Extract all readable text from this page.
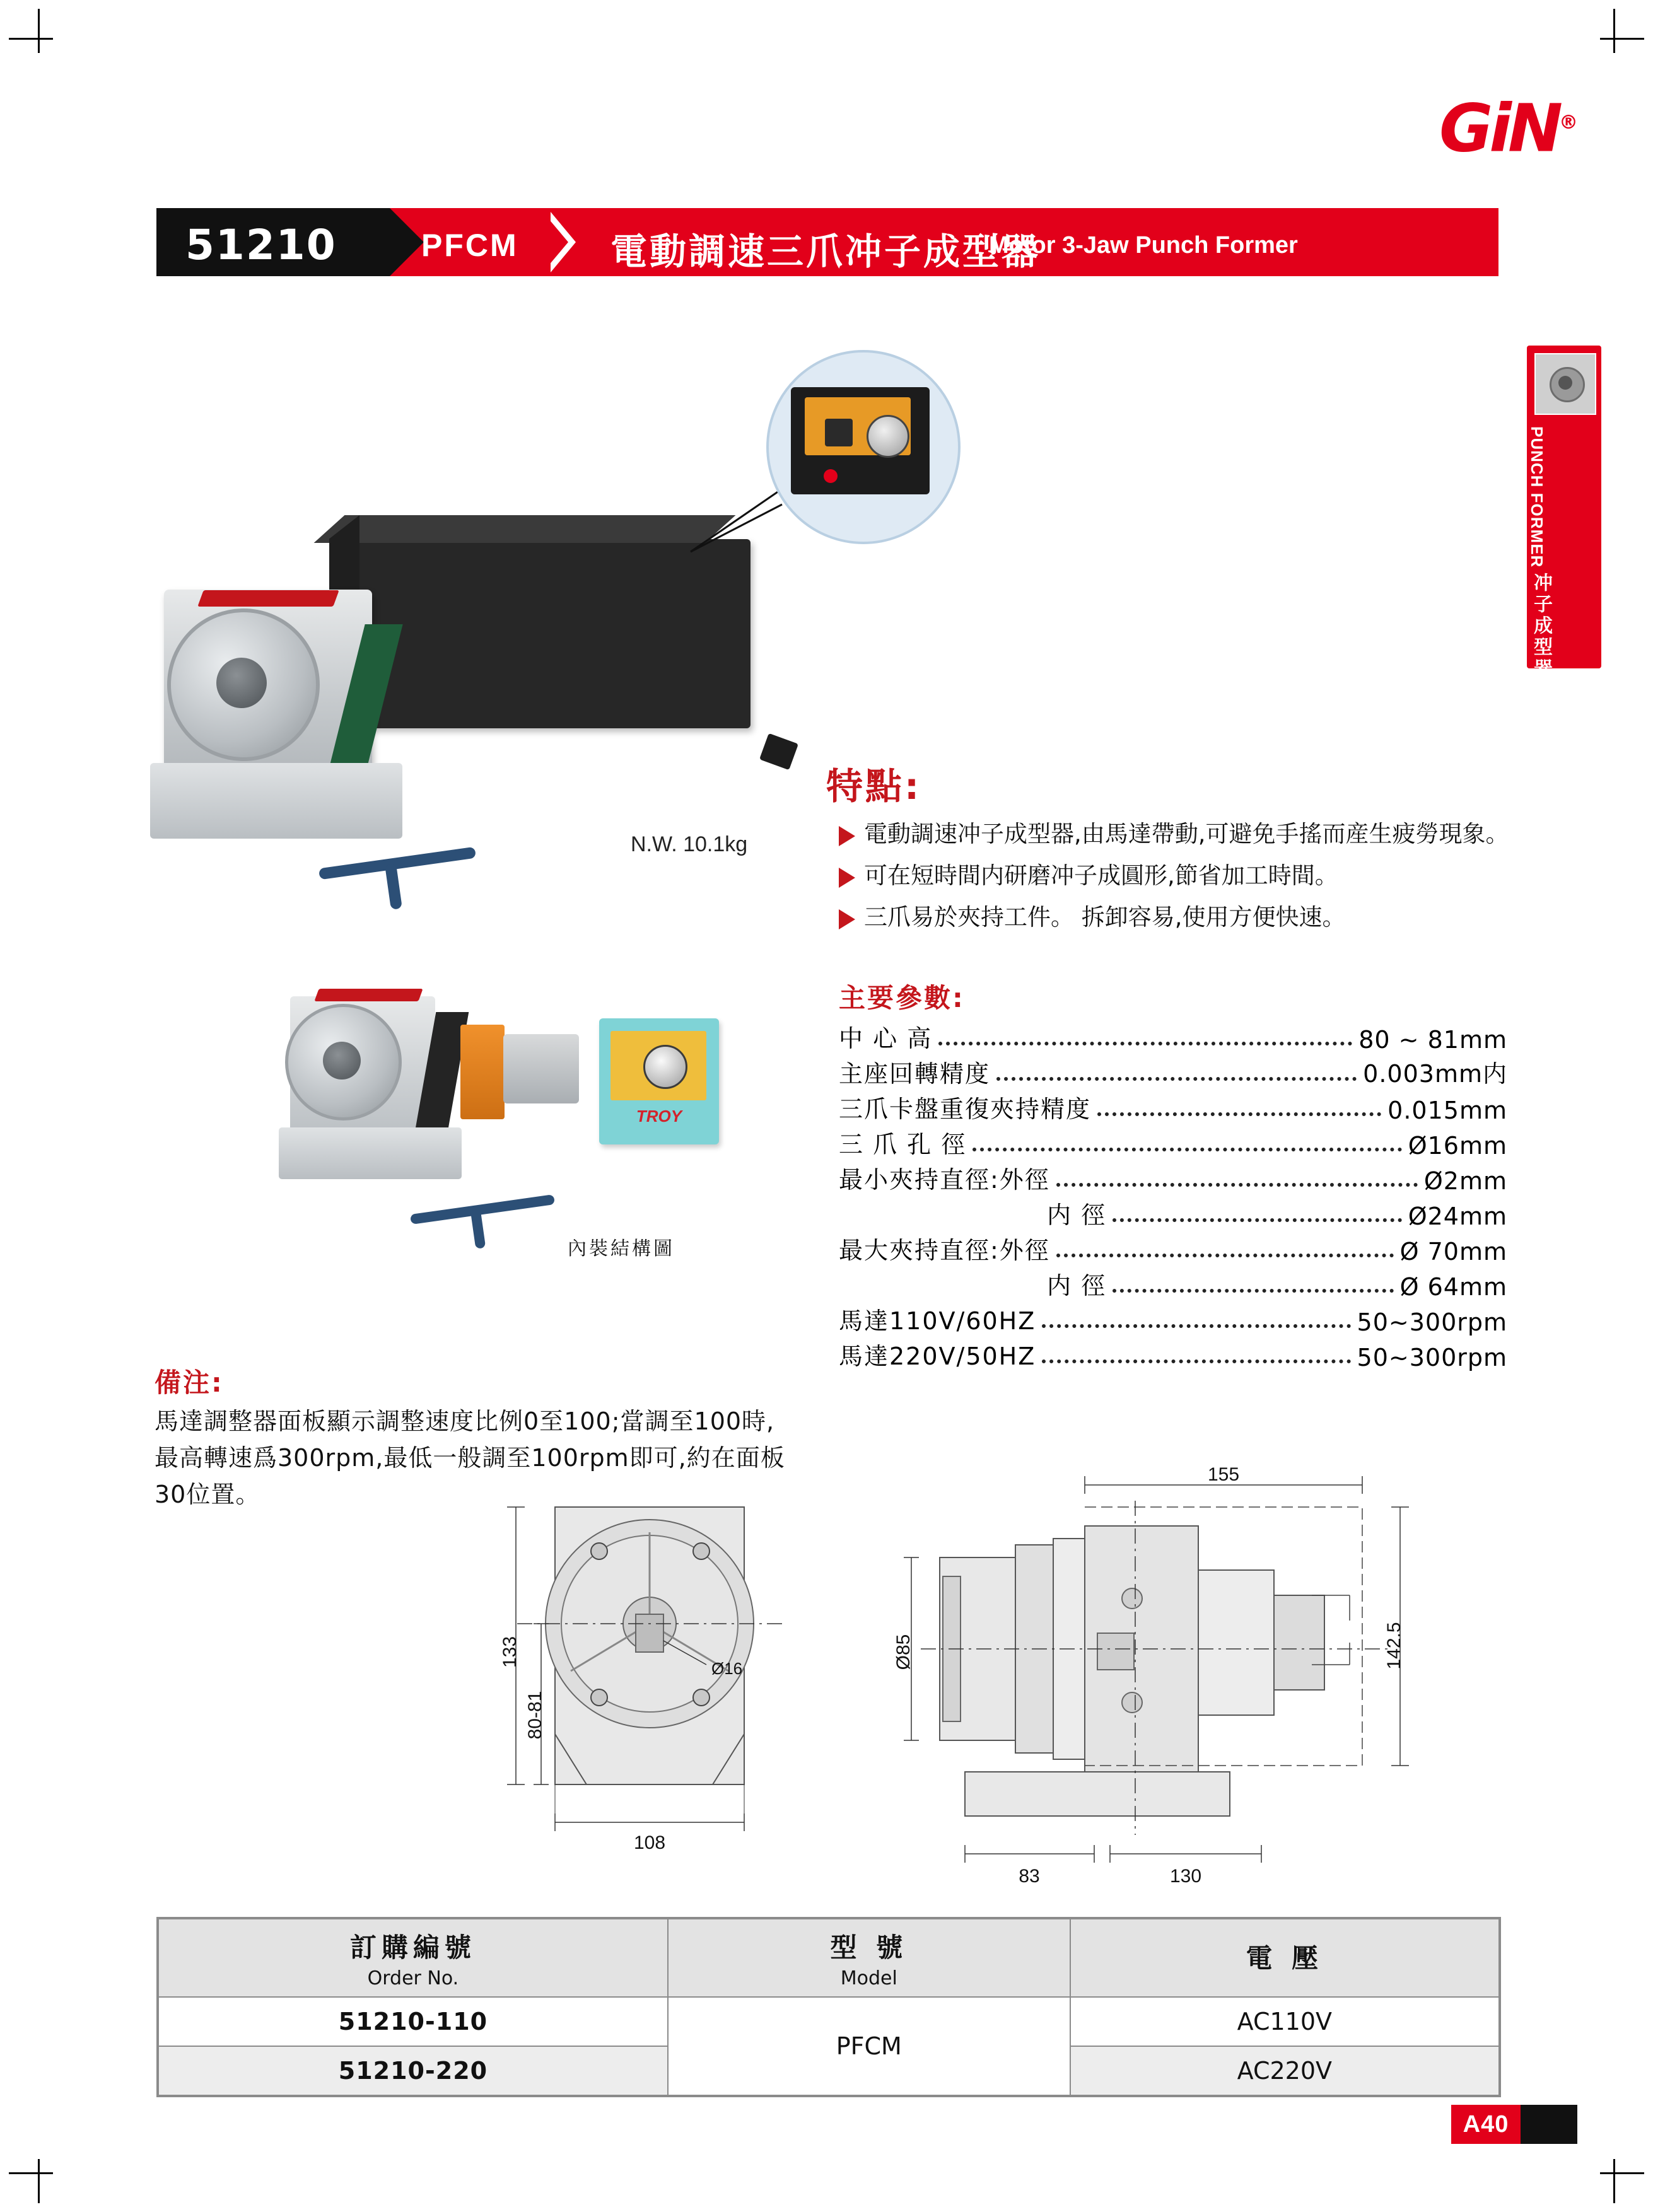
GiN®
51210	PFCM	電動調速三爪冲子成型器
Motor 3-Jaw Punch Former
PUNCH FORMER
冲子成型器
N.W. 10.1kg
TROY
內裝結構圖
特點:
電動調速冲子成型器,由馬達帶動,可避免手搖而産生疲勞現象。
可在短時間内研磨冲子成圓形,節省加工時間。
三爪易於夾持工件。 拆卸容易,使用方便快速。
主要參數:
中 心 高	80 ~ 81mm
主座回轉精度	0.003mm内
三爪卡盤重復夾持精度	0.015mm
三 爪 孔 徑	Ø16mm
最小夾持直徑:外徑	Ø2mm
内 徑	Ø24mm
最大夾持直徑:外徑	Ø 70mm
内 徑	Ø 64mm
馬達110V/60HZ	50~300rpm
馬達220V/50HZ	50~300rpm
備注:
馬達調整器面板顯示調整速度比例0至100;當調至100時,最高轉速爲300rpm,最低一般調至100rpm即可,約在面板30位置。
133
80-81
108
Ø16
155
142.5
Ø85
83	130
訂購編號
Order No.

型 號
Model

電 壓

51210-110	PFCM	AC110V
51210-220		AC220V
A40
